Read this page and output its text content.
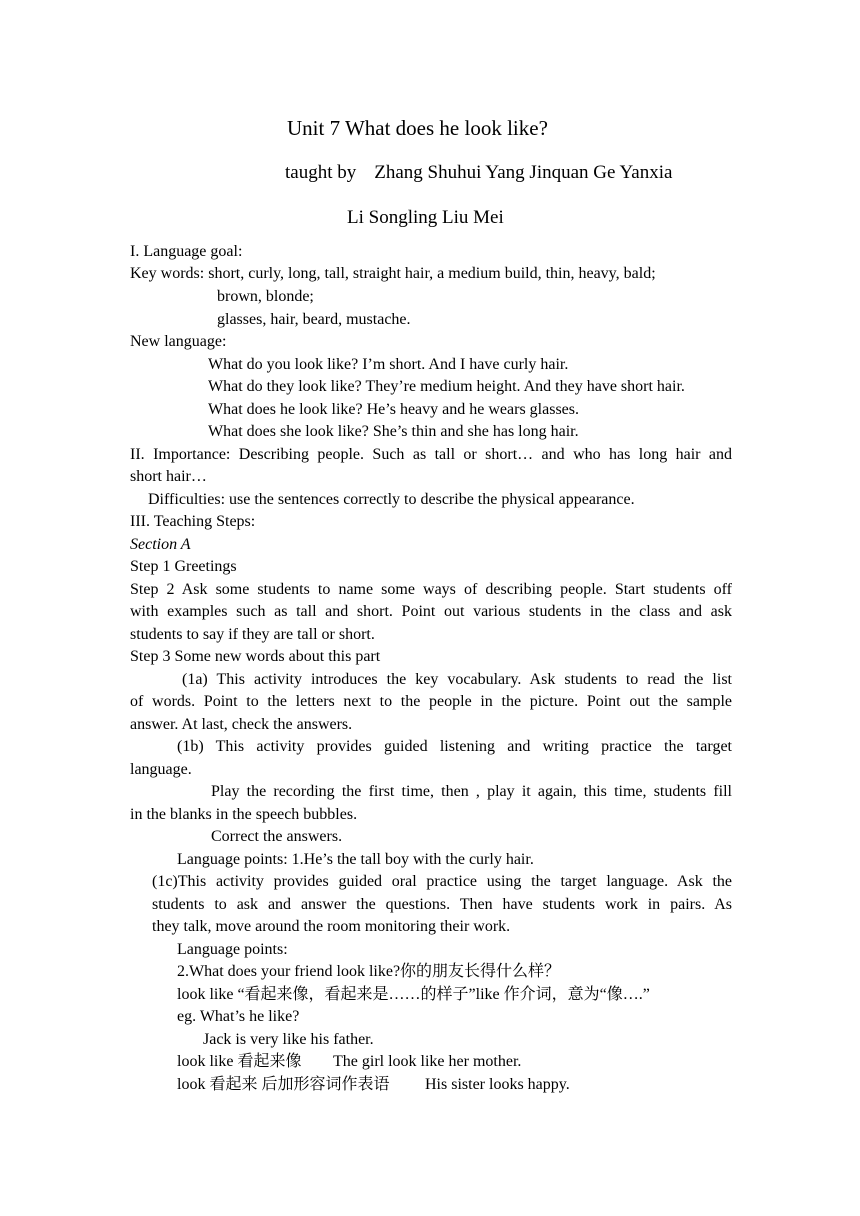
Unit 7 What does he look like?
taught by Zhang Shuhui Yang Jinquan Ge Yanxia
Li Songling Liu Mei
I. Language goal:
Key words: short, curly, long, tall, straight hair, a medium build, thin, heavy, bald;
brown, blonde;
glasses, hair, beard, mustache.
New language:
What do you look like? I’m short. And I have curly hair.
What do they look like? They’re medium height. And they have short hair.
What does he look like? He’s heavy and he wears glasses.
What does she look like? She’s thin and she has long hair.
II. Importance: Describing people. Such as tall or short… and who has long hair and
short hair…
Difficulties: use the sentences correctly to describe the physical appearance.
III. Teaching Steps:
Section A
Step 1 Greetings
Step 2 Ask some students to name some ways of describing people. Start students off
with examples such as tall and short. Point out various students in the class and ask
students to say if they are tall or short.
Step 3 Some new words about this part
(1a) This activity introduces the key vocabulary. Ask students to read the list
of words. Point to the letters next to the people in the picture. Point out the sample
answer. At last, check the answers.
(1b) This activity provides guided listening and writing practice the target
language.
Play the recording the first time, then , play it again, this time, students fill
in the blanks in the speech bubbles.
Correct the answers.
Language points: 1.He’s the tall boy with the curly hair.
(1c)This activity provides guided oral practice using the target language. Ask the
students to ask and answer the questions. Then have students work in pairs. As
they talk, move around the room monitoring their work.
Language points:
2.What does your friend look like?你的朋友长得什么样？
look like “看起来像，看起来是……的样子”like 作介词，意为“像….”
eg. What’s he like?
Jack is very like his father.
look like 看起来像 The girl look like her mother.
look 看起来 后加形容词作表语 His sister looks happy.
